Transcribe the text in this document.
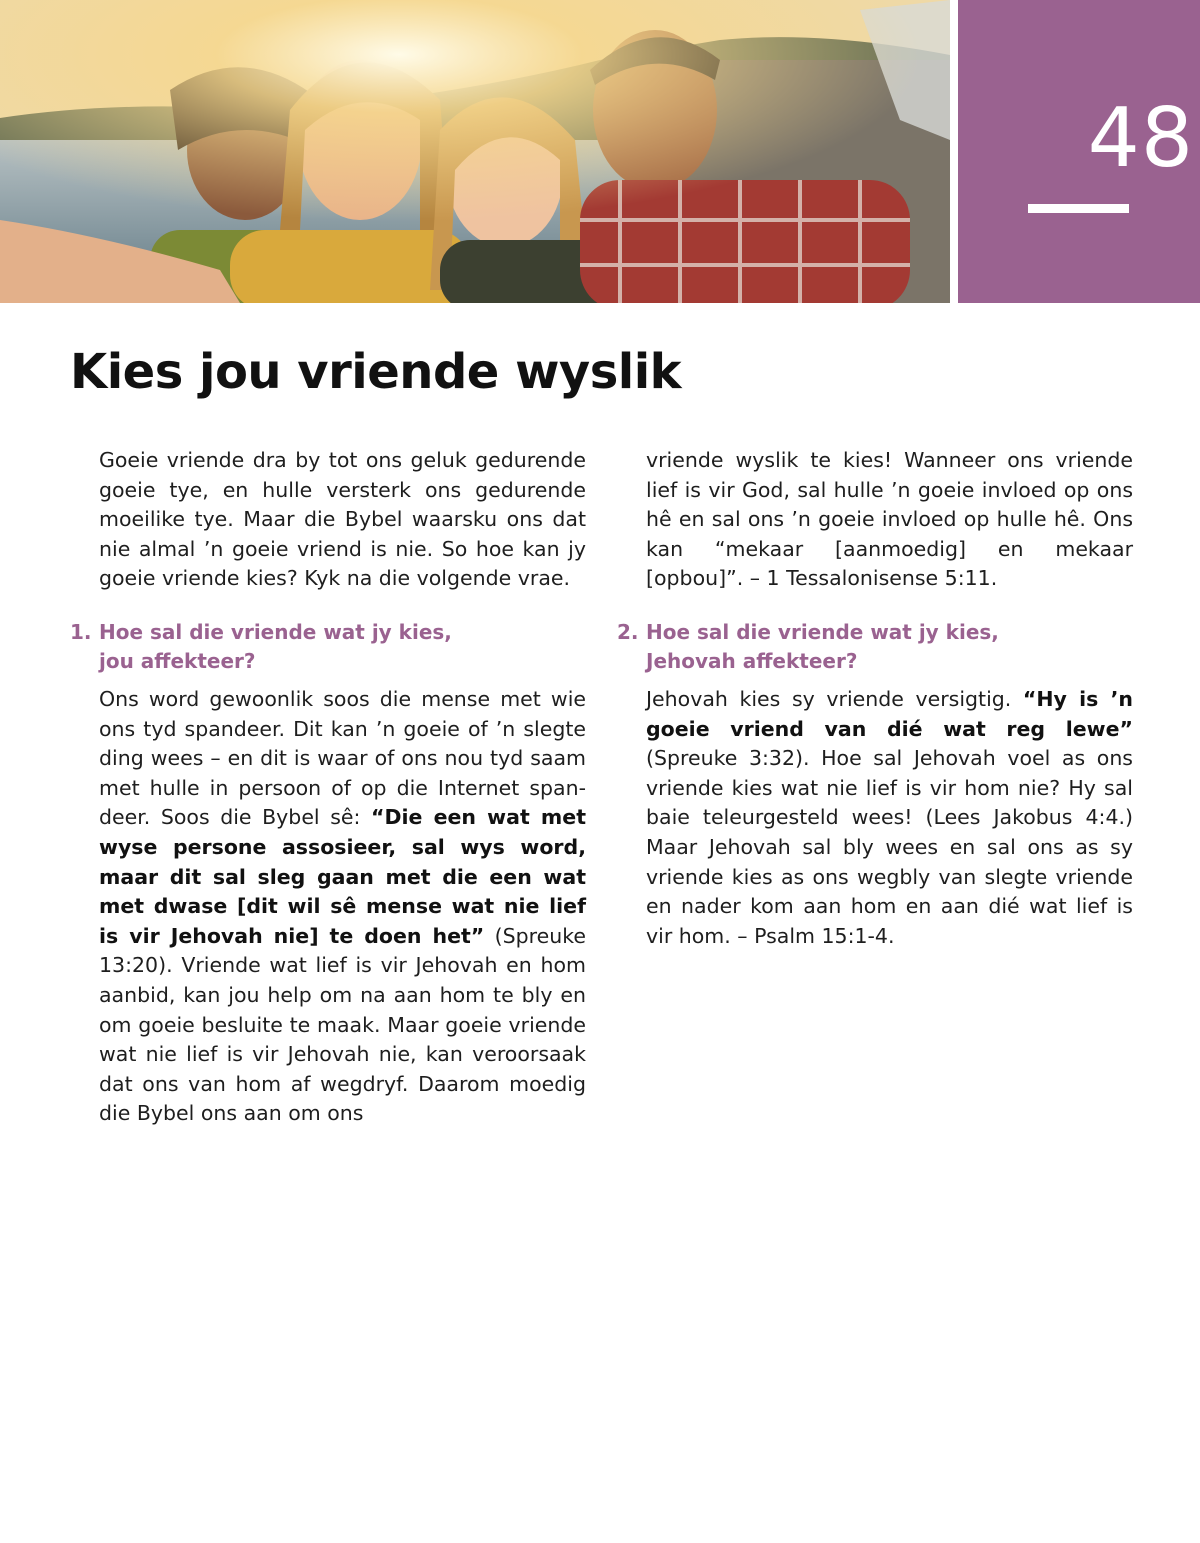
48
Kies jou vriende wyslik

Goeie vriende dra by tot ons geluk gedurende goeie tye, en hulle versterk ons gedurende moeilike tye. Maar die Bybel waarsku ons dat nie almal ’n goeie vriend is nie. So hoe kan jy goeie vriende kies? Kyk na die volgende vrae.

1. Hoe sal die vriende wat jy kies,
jou affekteer?

Ons word gewoonlik soos die mense met wie ons tyd spandeer. Dit kan ’n goeie of ’n slegte ding wees – en dit is waar of ons nou tyd saam met hulle in persoon of op die Internet spandeer. Soos die Bybel sê: “Die een wat met wyse persone assosieer, sal wys word, maar dit sal sleg gaan met die een wat met dwase [dit wil sê mense wat nie lief is vir Jehovah nie] te doen het” (Spreuke 13:20). Vriende wat lief is vir Jehovah en hom aanbid, kan jou help om na aan hom te bly en om goeie besluite te maak. Maar goeie vriende wat nie lief is vir Jehovah nie, kan veroorsaak dat ons van hom af wegdryf. Daarom moedig die Bybel ons aan om ons

vriende wyslik te kies! Wanneer ons vriende lief is vir God, sal hulle ’n goeie invloed op ons hê en sal ons ’n goeie invloed op hulle hê. Ons kan “mekaar [aanmoedig] en mekaar [opbou]”. – 1 Tessalonisense 5:11.

2. Hoe sal die vriende wat jy kies,
Jehovah affekteer?

Jehovah kies sy vriende versigtig. “Hy is ’n goeie vriend van dié wat reg lewe” (Spreuke 3:32). Hoe sal Jehovah voel as ons vriende kies wat nie lief is vir hom nie? Hy sal baie teleurgesteld wees! (Lees Jakobus 4:4.) Maar Jehovah sal bly wees en sal ons as sy vriende kies as ons wegbly van slegte vriende en nader kom aan hom en aan dié wat lief is vir hom. – Psalm 15:1-4.
